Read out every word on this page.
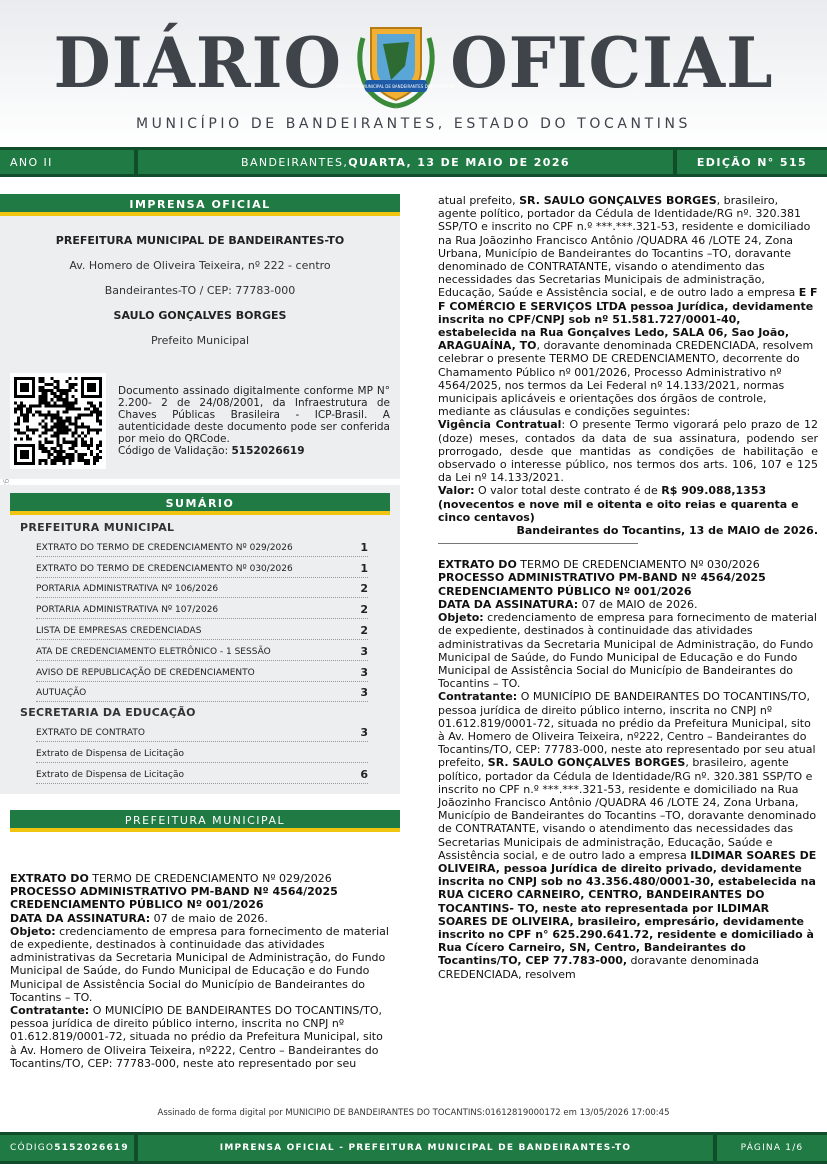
DIÁRIO
PREFEITURA MUNICIPAL DE BANDEIRANTES DO TOCANTINS
OFICIAL
MUNICÍPIO DE BANDEIRANTES, ESTADO DO TOCANTINS
ANO II	BANDEIRANTES, QUARTA, 13 DE MAIO DE 2026	EDIÇÃO N° 515
IMPRENSA OFICIAL
PREFEITURA MUNICIPAL DE BANDEIRANTES-TO
Av. Homero de Oliveira Teixeira, nº 222 - centro
Bandeirantes-TO / CEP: 77783-000
SAULO GONÇALVES BORGES
Prefeito Municipal
Documento assinado digitalmente conforme MP N° 2.200- 2 de 24/08/2001, da Infraestrutura de Chaves Públicas Brasileira - ICP-Brasil. A autenticidade deste documento pode ser conferida por meio do QRCode.
Código de Validação: 5152026619
SUMÁRIO
PREFEITURA MUNICIPAL
EXTRATO DO TERMO DE CREDENCIAMENTO Nº 029/2026	1
EXTRATO DO TERMO DE CREDENCIAMENTO Nº 030/2026	1
PORTARIA ADMINISTRATIVA Nº 106/2026	2
PORTARIA ADMINISTRATIVA Nº 107/2026	2
LISTA DE EMPRESAS CREDENCIADAS	2
ATA DE CREDENCIAMENTO ELETRÔNICO - 1 SESSÃO	3
AVISO DE REPUBLICAÇÃO DE CREDENCIAMENTO	3
AUTUAÇÃO	3
SECRETARIA DA EDUCAÇÃO
EXTRATO DE CONTRATO	3
Extrato de Dispensa de Licitação
Extrato de Dispensa de Licitação	6
PREFEITURA MUNICIPAL
EXTRATO DO TERMO DE CREDENCIAMENTO Nº 029/2026
PROCESSO ADMINISTRATIVO PM-BAND Nº 4564/2025
CREDENCIAMENTO PÚBLICO Nº 001/2026
DATA DA ASSINATURA: 07 de maio de 2026.
Objeto: credenciamento de empresa para fornecimento de material de expediente, destinados à continuidade das atividades administrativas da Secretaria Municipal de Administração, do Fundo Municipal de Saúde, do Fundo Municipal de Educação e do Fundo Municipal de Assistência Social do Município de Bandeirantes do Tocantins – TO.
Contratante: O MUNICÍPIO DE BANDEIRANTES DO TOCANTINS/TO, pessoa jurídica de direito público interno, inscrita no CNPJ nº 01.612.819/0001-72, situada no prédio da Prefeitura Municipal, sito à Av. Homero de Oliveira Teixeira, nº222, Centro – Bandeirantes do Tocantins/TO, CEP: 77783-000, neste ato representado por seu
atual prefeito, SR. SAULO GONÇALVES BORGES, brasileiro, agente político, portador da Cédula de Identidade/RG nº. 320.381 SSP/TO e inscrito no CPF n.º ***.***.321-53, residente e domiciliado na Rua Joãozinho Francisco Antônio /QUADRA 46 /LOTE 24, Zona Urbana, Município de Bandeirantes do Tocantins –TO, doravante denominado de CONTRATANTE, visando o atendimento das necessidades das Secretarias Municipais de administração, Educação, Saúde e Assistência social, e de outro lado a empresa E F F COMÉRCIO E SERVIÇOS LTDA pessoa Jurídica, devidamente inscrita no CPF/CNPJ sob nº 51.581.727/0001-40, estabelecida na Rua Gonçalves Ledo, SALA 06, Sao João, ARAGUAÍNA, TO, doravante denominada CREDENCIADA, resolvem celebrar o presente TERMO DE CREDENCIAMENTO, decorrente do Chamamento Público nº 001/2026, Processo Administrativo nº 4564/2025, nos termos da Lei Federal nº 14.133/2021, normas municipais aplicáveis e orientações dos órgãos de controle, mediante as cláusulas e condições seguintes:
Vigência Contratual: O presente Termo vigorará pelo prazo de 12 (doze) meses, contados da data de sua assinatura, podendo ser prorrogado, desde que mantidas as condições de habilitação e observado o interesse público, nos termos dos arts. 106, 107 e 125 da Lei nº 14.133/2021.
Valor: O valor total deste contrato é de R$ 909.088,1353 (novecentos e nove mil e oitenta e oito reias e quarenta e cinco centavos)
Bandeirantes do Tocantins, 13 de MAIO de 2026.
EXTRATO DO TERMO DE CREDENCIAMENTO Nº 030/2026
PROCESSO ADMINISTRATIVO PM-BAND Nº 4564/2025
CREDENCIAMENTO PÚBLICO Nº 001/2026
DATA DA ASSINATURA: 07 de MAIO de 2026.
Objeto: credenciamento de empresa para fornecimento de material de expediente, destinados à continuidade das atividades administrativas da Secretaria Municipal de Administração, do Fundo Municipal de Saúde, do Fundo Municipal de Educação e do Fundo Municipal de Assistência Social do Município de Bandeirantes do Tocantins – TO.
Contratante: O MUNICÍPIO DE BANDEIRANTES DO TOCANTINS/TO, pessoa jurídica de direito público interno, inscrita no CNPJ nº 01.612.819/0001-72, situada no prédio da Prefeitura Municipal, sito à Av. Homero de Oliveira Teixeira, nº222, Centro – Bandeirantes do Tocantins/TO, CEP: 77783-000, neste ato representado por seu atual prefeito, SR. SAULO GONÇALVES BORGES, brasileiro, agente político, portador da Cédula de Identidade/RG nº. 320.381 SSP/TO e inscrito no CPF n.º ***.***.321-53, residente e domiciliado na Rua Joãozinho Francisco Antônio /QUADRA 46 /LOTE 24, Zona Urbana, Município de Bandeirantes do Tocantins –TO, doravante denominado de CONTRATANTE, visando o atendimento das necessidades das Secretarias Municipais de administração, Educação, Saúde e Assistência social, e de outro lado a empresa ILDIMAR SOARES DE OLIVEIRA, pessoa Jurídica de direito privado, devidamente inscrita no CNPJ sob no 43.356.480/0001-30, estabelecida na RUA CICERO CARNEIRO, CENTRO, BANDEIRANTES DO TOCANTINS- TO, neste ato representada por ILDIMAR SOARES DE OLIVEIRA, brasileiro, empresário, devidamente inscrito no CPF n° 625.290.641.72, residente e domiciliado à Rua Cícero Carneiro, SN, Centro, Bandeirantes do Tocantins/TO, CEP 77.783-000, doravante denominada CREDENCIADA, resolvem
Assinado de forma digital por MUNICIPIO DE BANDEIRANTES DO TOCANTINS:01612819000172 em 13/05/2026 17:00:45
CÓDIGO 5152026619	IMPRENSA OFICIAL - PREFEITURA MUNICIPAL DE BANDEIRANTES-TO	PÁGINA 1/6
